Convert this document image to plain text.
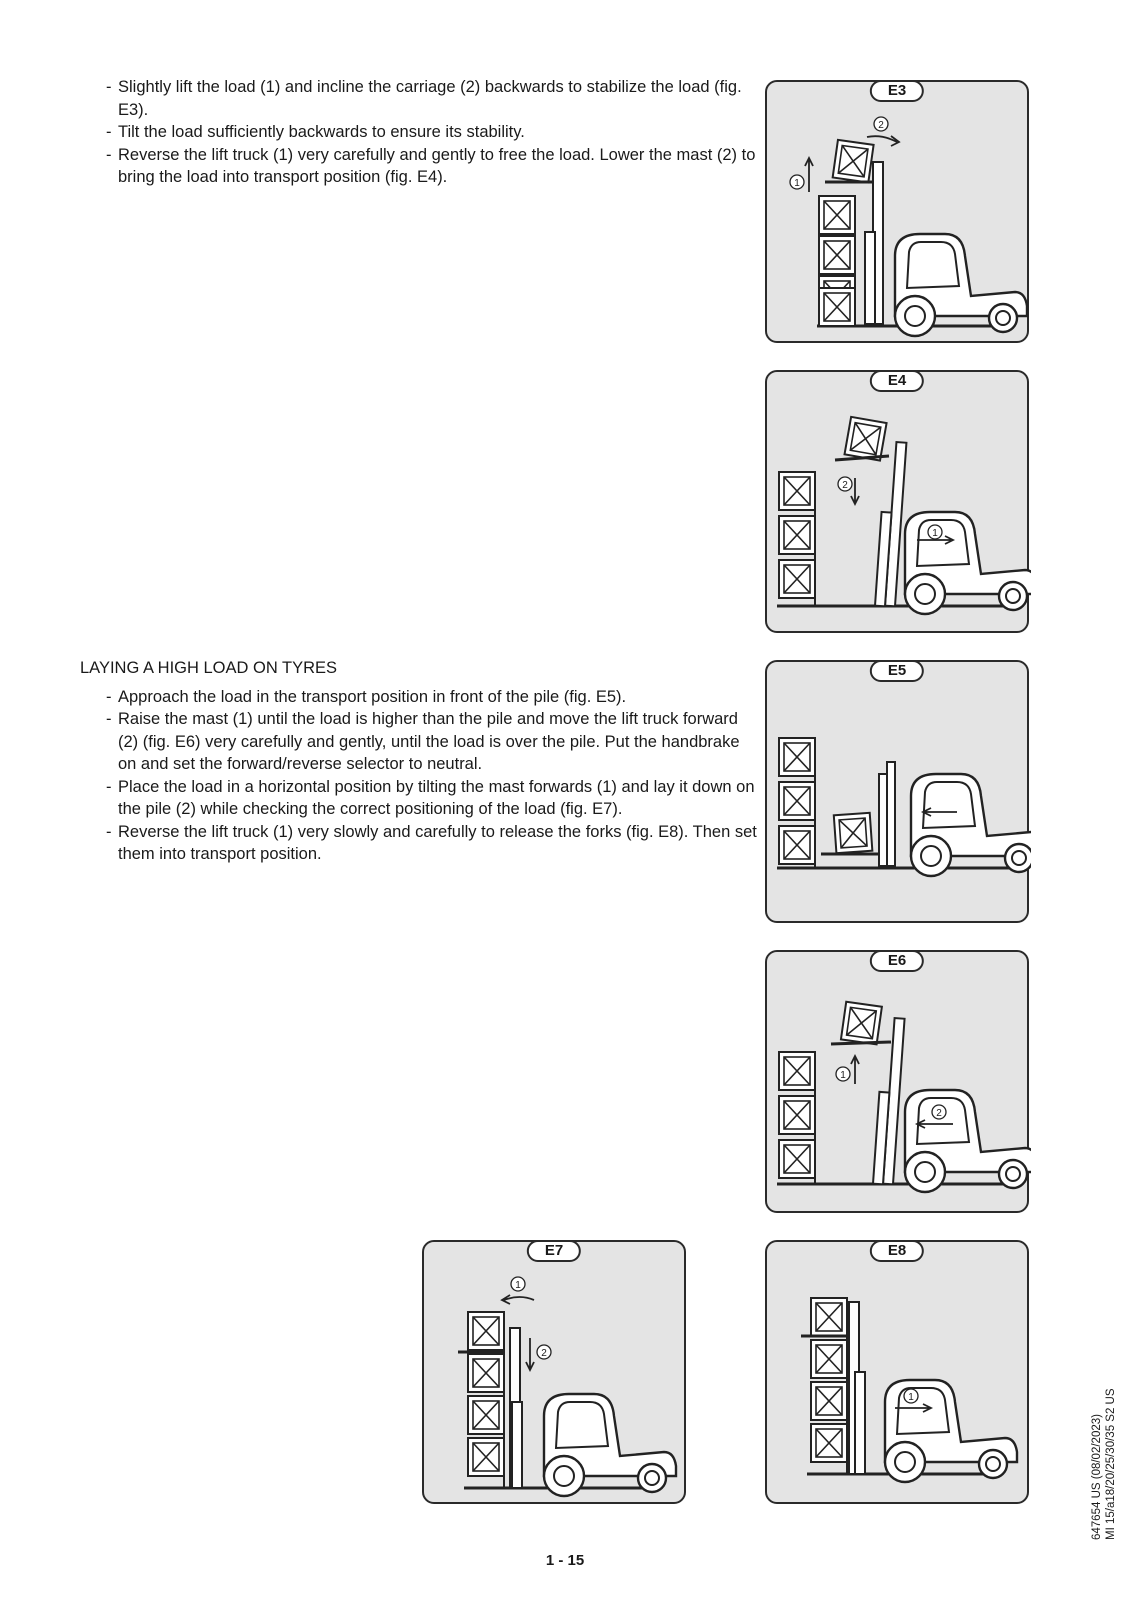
- Slightly lift the load (1) and incline the carriage (2) backwards to stabilize the load (fig. E3).
- Tilt the load sufficiently backwards to ensure its stability.
- Reverse the lift truck (1) very carefully and gently to free the load. Lower the mast (2) to bring the load into transport position (fig. E4).
LAYING A HIGH LOAD ON TYRES
- Approach the load in the transport position in front of the pile (fig. E5).
- Raise the mast (1) until the load is higher than the pile and move the lift truck forward (2) (fig. E6) very carefully and gently, until the load is over the pile. Put the handbrake on and set the forward/reverse selector to neutral.
- Place the load in a horizontal position by tilting the mast forwards (1) and lay it down on the pile (2) while checking the correct positioning of the load (fig. E7).
- Reverse the lift truck (1) very slowly and carefully to release the forks (fig. E8). Then set them into transport position.
E3
E4
E5
E6
E7	E8
1 - 15
647654 US (08/02/2023) MI 15/a18/20/25/30/35 S2 US
